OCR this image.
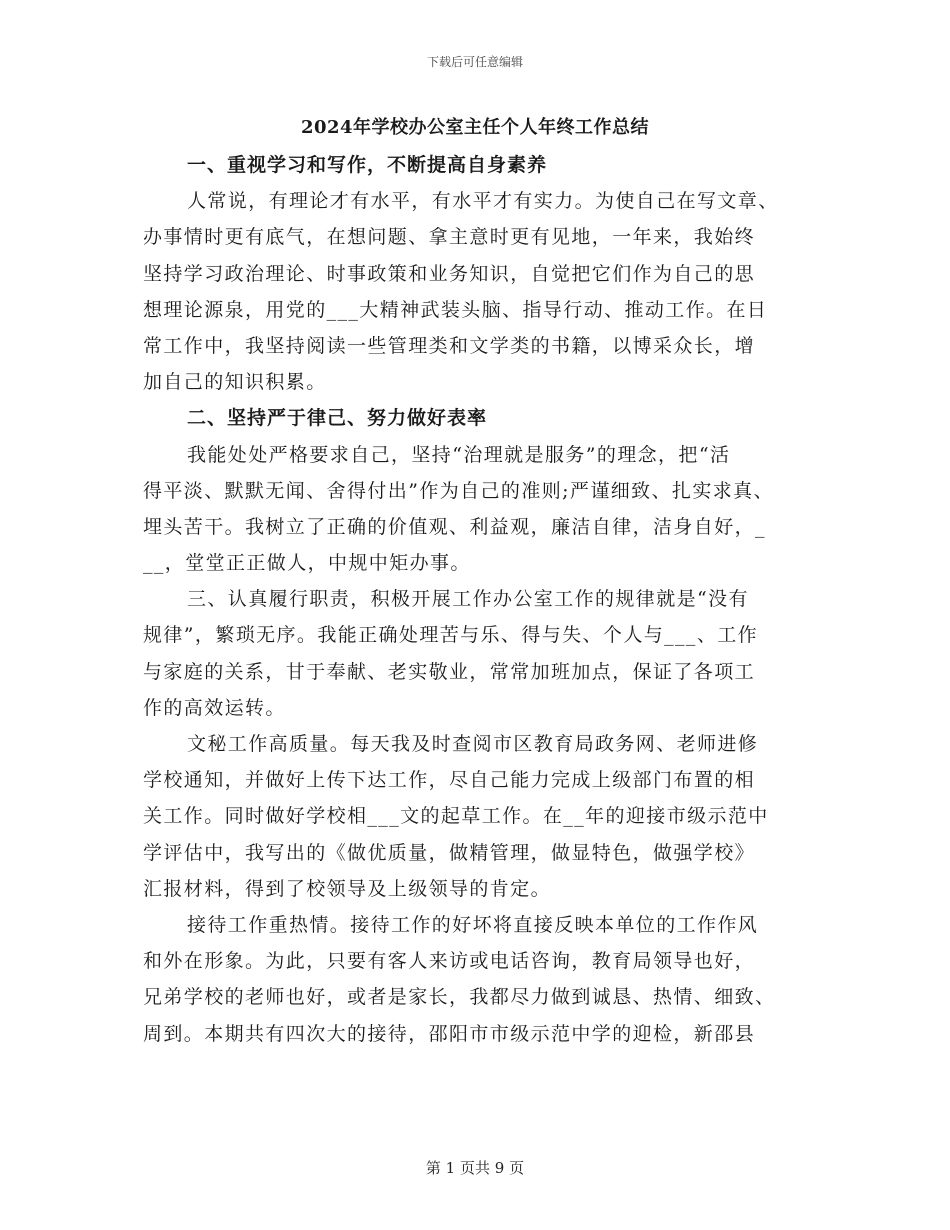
下载后可任意编辑
2024年学校办公室主任个人年终工作总结
一、重视学习和写作，不断提高自身素养
人常说，有理论才有水平，有水平才有实力。为使自己在写文章、
办事情时更有底气，在想问题、拿主意时更有见地，一年来，我始终
坚持学习政治理论、时事政策和业务知识，自觉把它们作为自己的思
想理论源泉，用党的___大精神武装头脑、指导行动、推动工作。在日
常工作中，我坚持阅读一些管理类和文学类的书籍，以博采众长，增
加自己的知识积累。
二、坚持严于律己、努力做好表率
我能处处严格要求自己，坚持“治理就是服务”的理念，把“活
得平淡、默默无闻、舍得付出”作为自己的准则;严谨细致、扎实求真、
埋头苦干。我树立了正确的价值观、利益观，廉洁自律，洁身自好，_
__，堂堂正正做人，中规中矩办事。
三、认真履行职责，积极开展工作办公室工作的规律就是“没有
规律”，繁琐无序。我能正确处理苦与乐、得与失、个人与___、工作
与家庭的关系，甘于奉献、老实敬业，常常加班加点，保证了各项工
作的高效运转。
文秘工作高质量。每天我及时查阅市区教育局政务网、老师进修
学校通知，并做好上传下达工作，尽自己能力完成上级部门布置的相
关工作。同时做好学校相___文的起草工作。在__年的迎接市级示范中
学评估中，我写出的《做优质量，做精管理，做显特色，做强学校》
汇报材料，得到了校领导及上级领导的肯定。
接待工作重热情。接待工作的好坏将直接反映本单位的工作作风
和外在形象。为此，只要有客人来访或电话咨询，教育局领导也好，
兄弟学校的老师也好，或者是家长，我都尽力做到诚恳、热情、细致、
周到。本期共有四次大的接待，邵阳市市级示范中学的迎检，新邵县
第 1 页共 9 页
